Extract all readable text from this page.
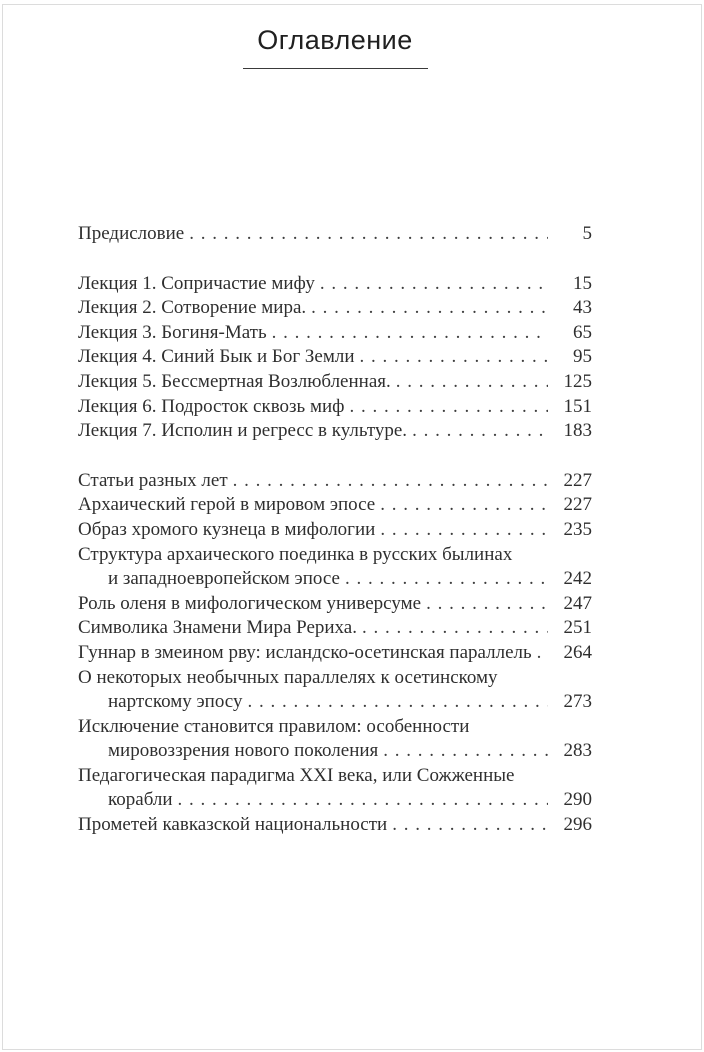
Оглавление
Предисловие . . .	5
Лекция 1. Сопричастие мифу . . .	15
Лекция 2. Сотворение мира. . . .	43
Лекция 3. Богиня-Мать . . .	65
Лекция 4. Синий Бык и Бог Земли . . .	95
Лекция 5. Бессмертная Возлюбленная. . . .	125
Лекция 6. Подросток сквозь миф . . .	151
Лекция 7. Исполин и регресс в культуре. . . .	183
Статьи разных лет . . .	227
Архаический герой в мировом эпосе . . .	227
Образ хромого кузнеца в мифологии . . .	235
Структура архаического поединка в русских былинах
и западноевропейском эпосе . . .	242
Роль оленя в мифологическом универсуме . . .	247
Символика Знамени Мира Рериха. . . .	251
Гуннар в змеином рву: исландско-осетинская параллель . . . 264
О некоторых необычных параллелях к осетинскому
нартскому эпосу . . .	273
Исключение становится правилом: особенности
мировоззрения нового поколения . . .	283
Педагогическая парадигма XXI века, или Сожженные
корабли . . .	290
Прометей кавказской национальности . . .	296
